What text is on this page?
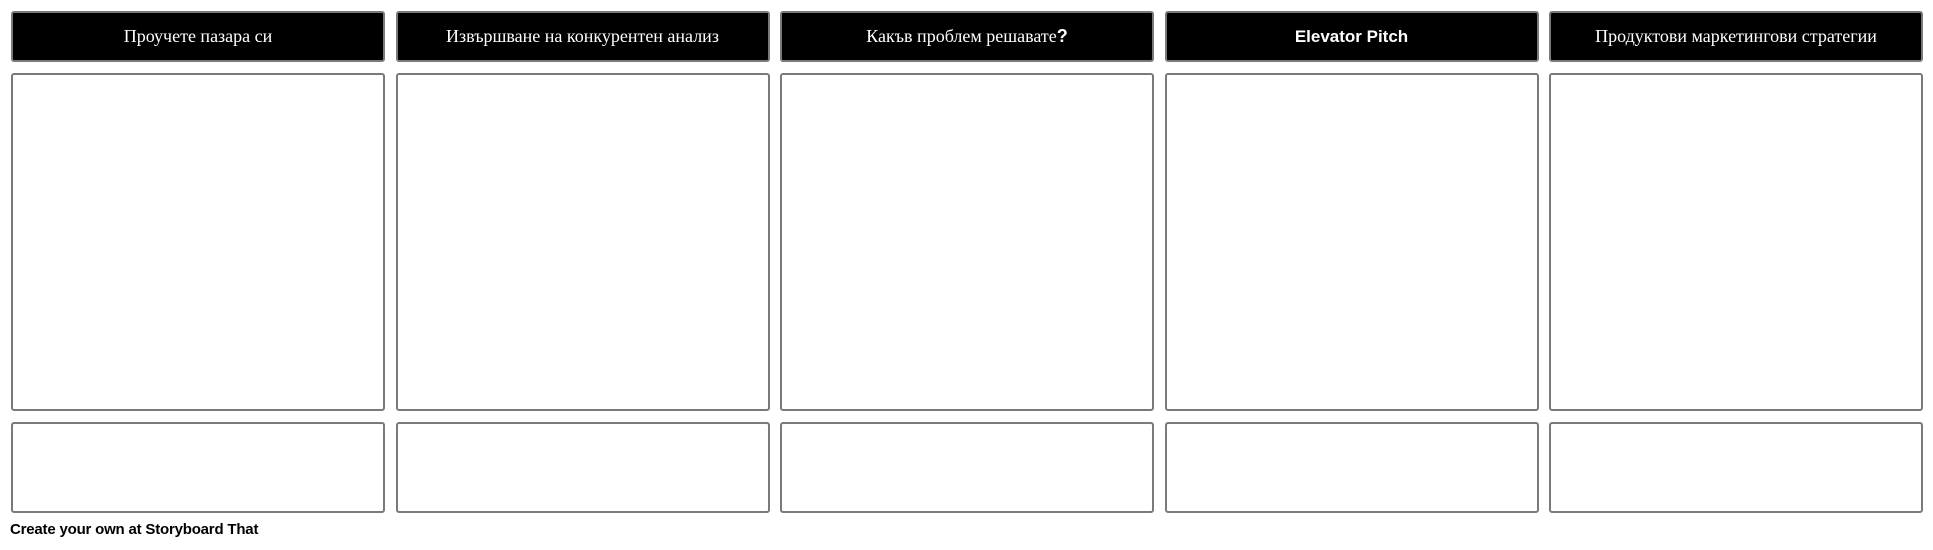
Проучете пазара си	Извършване на конкурентен анализ	Какъв проблем решавате ?	Elevator Pitch	Продуктови маркетингови стратегии
Create your own at Storyboard That
